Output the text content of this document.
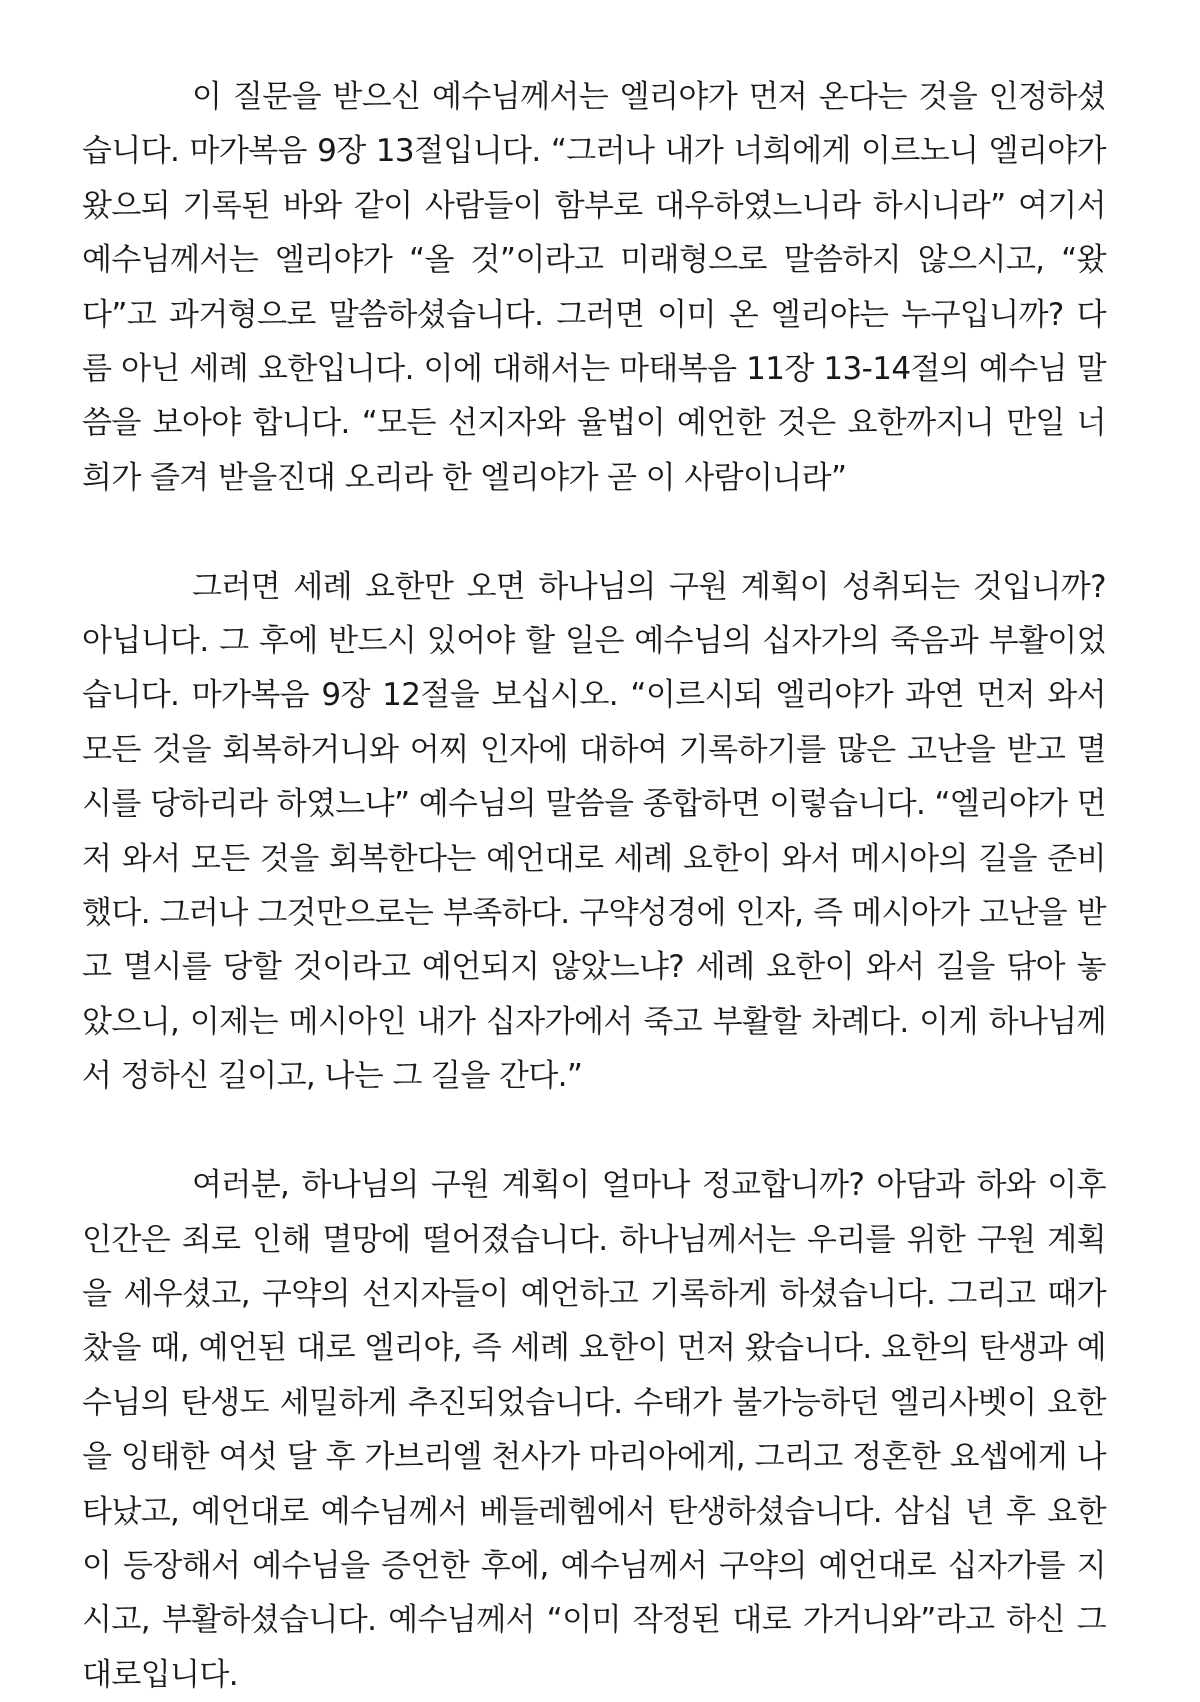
이 질문을 받으신 예수님께서는 엘리야가 먼저 온다는 것을 인정하셨습니다. 마가복음 9장 13절입니다. “그러나 내가 너희에게 이르노니 엘리야가 왔으되 기록된 바와 같이 사람들이 함부로 대우하였느니라 하시니라” 여기서 예수님께서는 엘리야가 “올 것”이라고 미래형으로 말씀하지 않으시고, “왔다”고 과거형으로 말씀하셨습니다. 그러면 이미 온 엘리야는 누구입니까? 다름 아닌 세례 요한입니다. 이에 대해서는 마태복음 11장 13-14절의 예수님 말씀을 보아야 합니다. “모든 선지자와 율법이 예언한 것은 요한까지니 만일 너희가 즐겨 받을진대 오리라 한 엘리야가 곧 이 사람이니라”

그러면 세례 요한만 오면 하나님의 구원 계획이 성취되는 것입니까? 아닙니다. 그 후에 반드시 있어야 할 일은 예수님의 십자가의 죽음과 부활이었습니다. 마가복음 9장 12절을 보십시오. “이르시되 엘리야가 과연 먼저 와서 모든 것을 회복하거니와 어찌 인자에 대하여 기록하기를 많은 고난을 받고 멸시를 당하리라 하였느냐” 예수님의 말씀을 종합하면 이렇습니다. “엘리야가 먼저 와서 모든 것을 회복한다는 예언대로 세례 요한이 와서 메시아의 길을 준비했다. 그러나 그것만으로는 부족하다. 구약성경에 인자, 즉 메시아가 고난을 받고 멸시를 당할 것이라고 예언되지 않았느냐? 세례 요한이 와서 길을 닦아 놓았으니, 이제는 메시아인 내가 십자가에서 죽고 부활할 차례다. 이게 하나님께서 정하신 길이고, 나는 그 길을 간다.”

여러분, 하나님의 구원 계획이 얼마나 정교합니까? 아담과 하와 이후 인간은 죄로 인해 멸망에 떨어졌습니다. 하나님께서는 우리를 위한 구원 계획을 세우셨고, 구약의 선지자들이 예언하고 기록하게 하셨습니다. 그리고 때가 찼을 때, 예언된 대로 엘리야, 즉 세례 요한이 먼저 왔습니다. 요한의 탄생과 예수님의 탄생도 세밀하게 추진되었습니다. 수태가 불가능하던 엘리사벳이 요한을 잉태한 여섯 달 후 가브리엘 천사가 마리아에게, 그리고 정혼한 요셉에게 나타났고, 예언대로 예수님께서 베들레헴에서 탄생하셨습니다. 삼십 년 후 요한이 등장해서 예수님을 증언한 후에, 예수님께서 구약의 예언대로 십자가를 지시고, 부활하셨습니다. 예수님께서 “이미 작정된 대로 가거니와”라고 하신 그대로입니다.
